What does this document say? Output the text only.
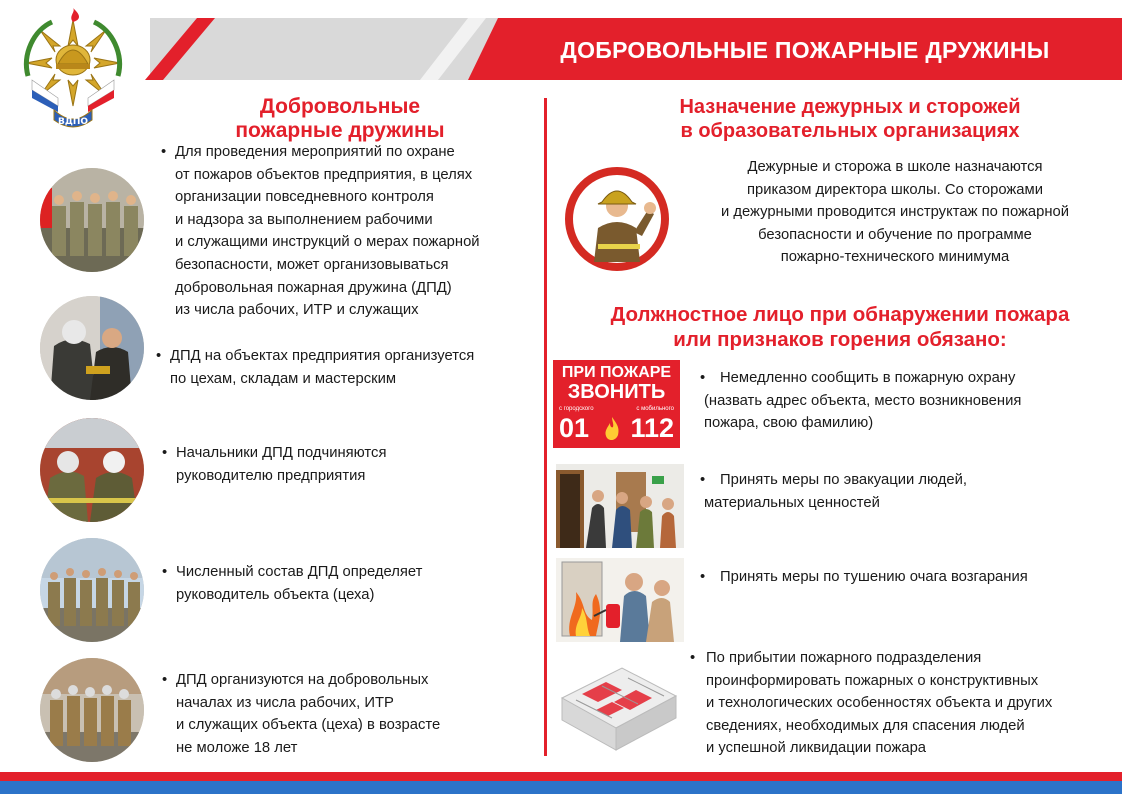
ДОБРОВОЛЬНЫЕ ПОЖАРНЫЕ ДРУЖИНЫ
ВДПО
Добровольные
пожарные дружины
• Для проведения мероприятий по охране
от пожаров объектов предприятия, в целях
организации повседневного контроля
и надзора за выполнением рабочими
и служащими инструкций о мерах пожарной
безопасности, может организовываться
добровольная пожарная дружина (ДПД)
из числа рабочих, ИТР и служащих
• ДПД на объектах предприятия организуется
по цехам, складам и мастерским
• Начальники ДПД подчиняются
руководителю предприятия
• Численный состав ДПД определяет
руководитель объекта (цеха)
• ДПД организуются на добровольных
началах из числа рабочих, ИТР
и служащих объекта (цеха) в возрасте
не моложе 18 лет
Назначение дежурных и сторожей
в образовательных организациях
Дежурные и сторожа в школе назначаются
приказом директора школы. Со сторожами
и дежурными проводится инструктаж по пожарной
безопасности и обучение по программе
пожарно-технического минимума
Должностное лицо при обнаружении пожара
или признаков горения обязано:
ПРИ ПОЖАРЕ
ЗВОНИТЬ
с городского	с мобильного
01 112
•	Немедленно сообщить в пожарную охрану
(назвать адрес объекта, место возникновения
пожара, свою фамилию)
•	Принять меры по эвакуации людей,
материальных ценностей
•	Принять меры по тушению очага возгарания
• По прибытии пожарного подразделения
проинформировать пожарных о конструктивных
и технологических особенностях объекта и других
сведениях, необходимых для спасения людей
и успешной ликвидации пожара
